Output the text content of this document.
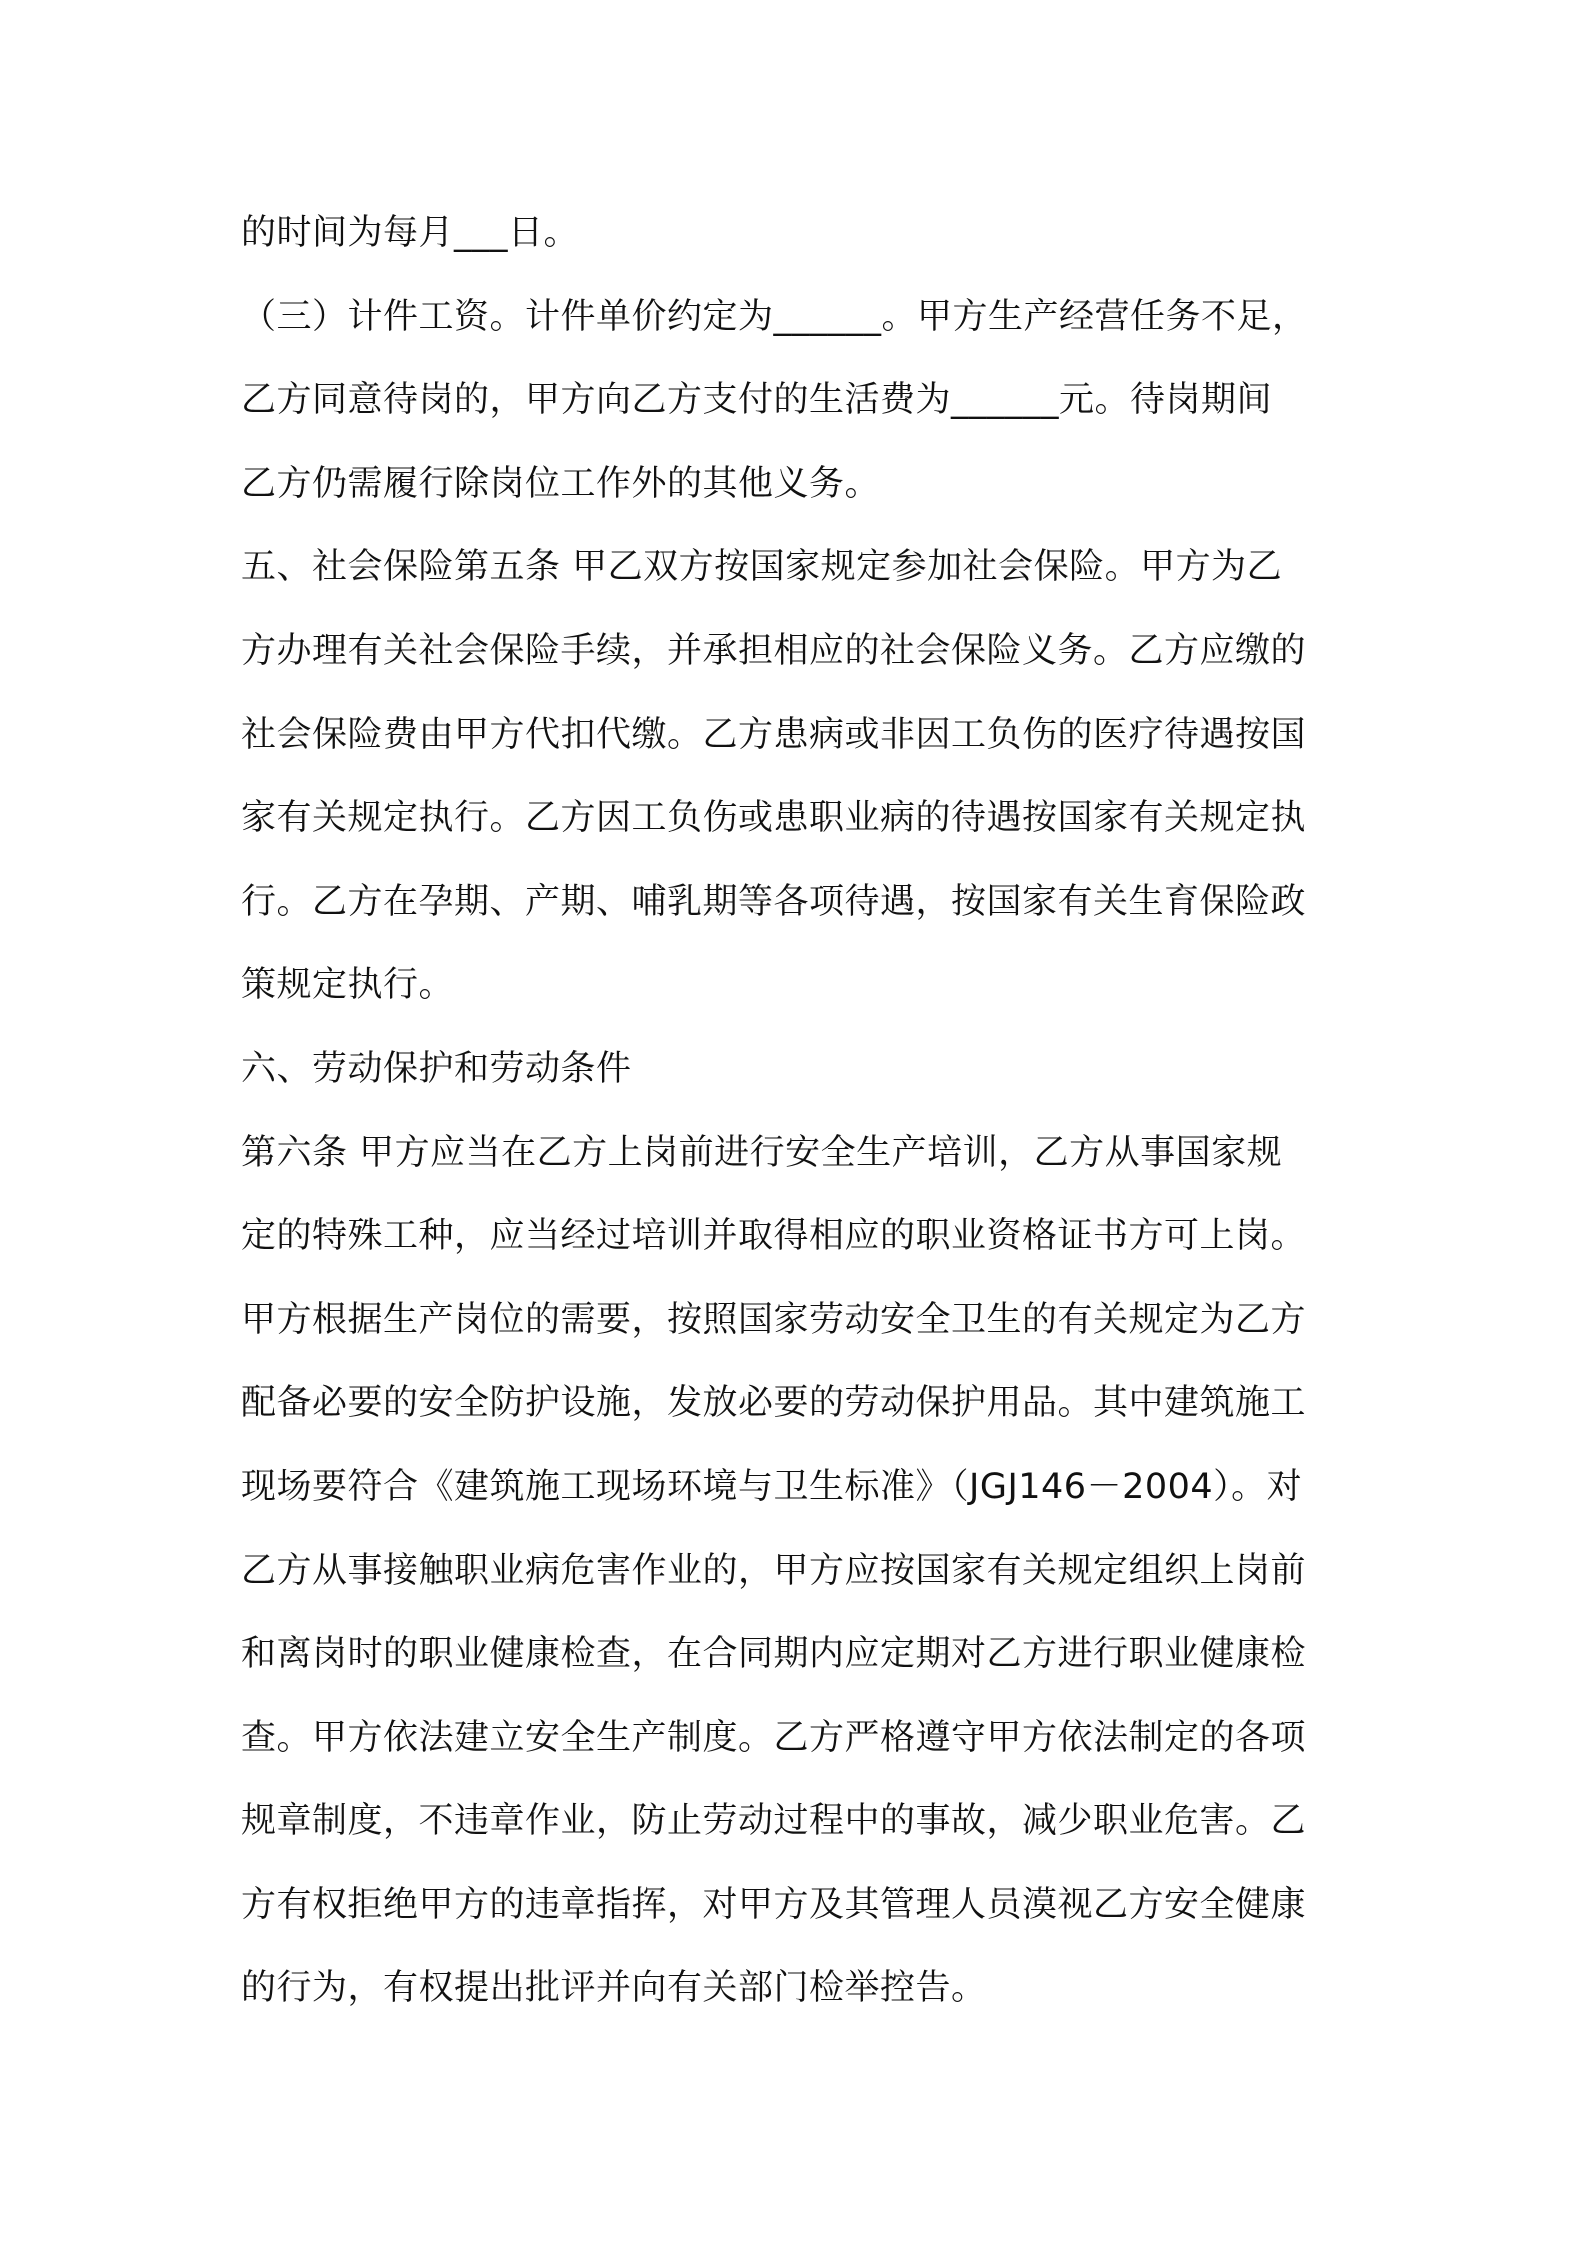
的时间为每月___日。
（三）计件工资。计件单价约定为______。甲方生产经营任务不足，
乙方同意待岗的，甲方向乙方支付的生活费为______元。待岗期间
乙方仍需履行除岗位工作外的其他义务。
五、社会保险第五条 甲乙双方按国家规定参加社会保险。甲方为乙
方办理有关社会保险手续，并承担相应的社会保险义务。乙方应缴的
社会保险费由甲方代扣代缴。乙方患病或非因工负伤的医疗待遇按国
家有关规定执行。乙方因工负伤或患职业病的待遇按国家有关规定执
行。乙方在孕期、产期、哺乳期等各项待遇，按国家有关生育保险政
策规定执行。
六、劳动保护和劳动条件
第六条 甲方应当在乙方上岗前进行安全生产培训，乙方从事国家规
定的特殊工种，应当经过培训并取得相应的职业资格证书方可上岗。
甲方根据生产岗位的需要，按照国家劳动安全卫生的有关规定为乙方
配备必要的安全防护设施，发放必要的劳动保护用品。其中建筑施工
现场要符合《建筑施工现场环境与卫生标准》（JGJ146－2004）。对
乙方从事接触职业病危害作业的，甲方应按国家有关规定组织上岗前
和离岗时的职业健康检查，在合同期内应定期对乙方进行职业健康检
查。甲方依法建立安全生产制度。乙方严格遵守甲方依法制定的各项
规章制度，不违章作业，防止劳动过程中的事故，减少职业危害。乙
方有权拒绝甲方的违章指挥，对甲方及其管理人员漠视乙方安全健康
的行为，有权提出批评并向有关部门检举控告。
